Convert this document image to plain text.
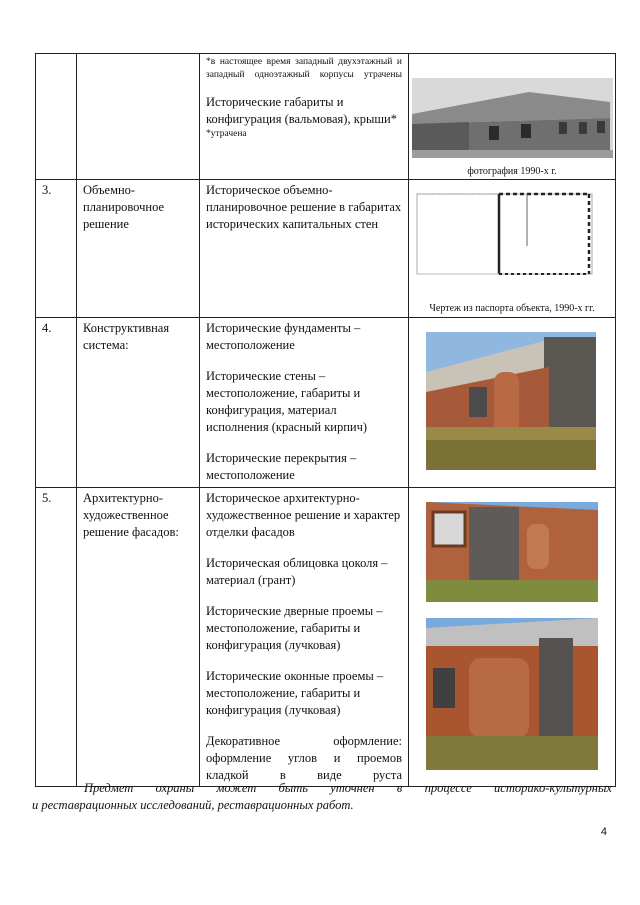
		*в настоящее время западный двухэтажный и западный одноэтажный корпусы утрачены
Исторические габариты и конфигурация (вальмовая), крыши*
*утрачена	фотография 1990-х г.

3.	Объемно-планировочное решение	Историческое объемно-планировочное решение в габаритах исторических капитальных стен	Чертеж из паспорта объекта, 1990-х гг.

4.	Конструктивная система:	Исторические фундаменты – местоположение
Исторические стены – местоположение, габариты и конфигурация, материал исполнения (красный кирпич)
Исторические перекрытия – местоположение

5.	Архитектурно-художественное решение фасадов:	Историческое архитектурно-художественное решение и характер отделки фасадов
Историческая облицовка цоколя – материал (грант)
Исторические дверные проемы – местоположение, габариты и конфигурация (лучковая)
Исторические оконные проемы – местоположение, габариты и конфигурация (лучковая)
Декоративное оформление: оформление углов и проемов кладкой в виде руста

Предмет охраны может быть уточнен в процессе историко-культурных
и реставрационных исследований, реставрационных работ.
4
